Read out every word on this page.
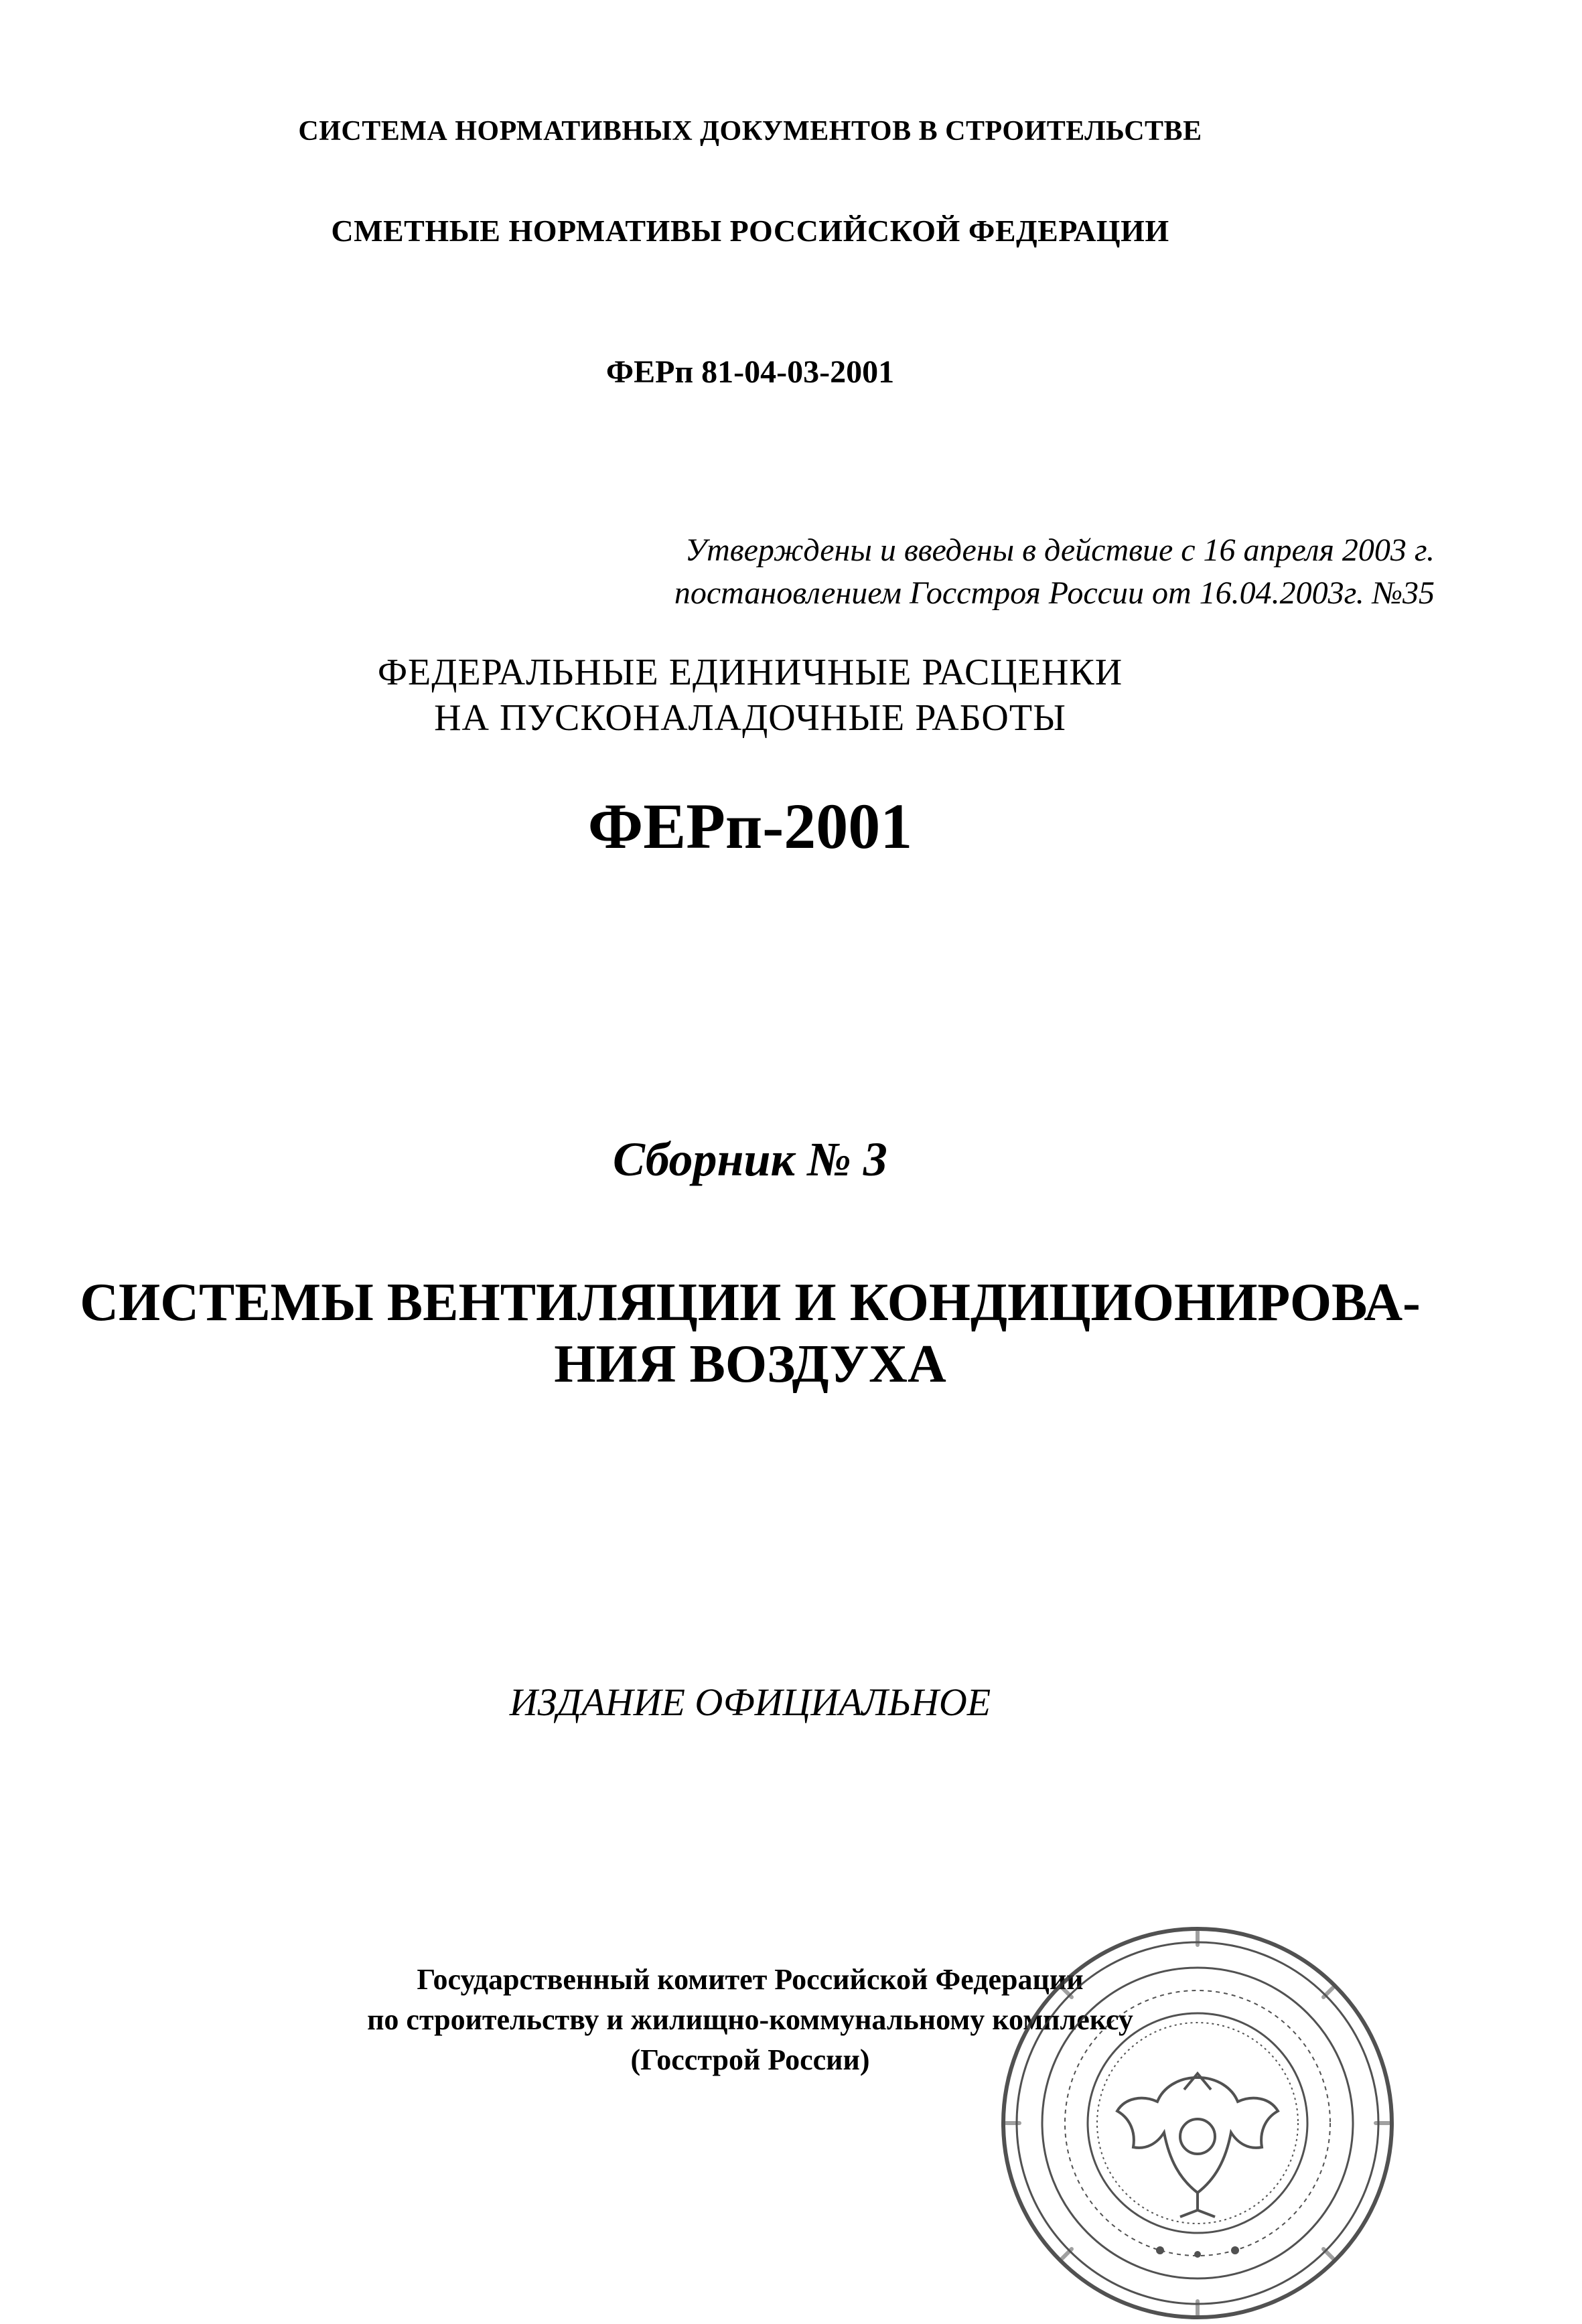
СИСТЕМА НОРМАТИВНЫХ ДОКУМЕНТОВ В СТРОИТЕЛЬСТВЕ
СМЕТНЫЕ НОРМАТИВЫ РОССИЙСКОЙ ФЕДЕРАЦИИ
ФЕРп 81-04-03-2001
Утверждены и введены в действие с 16 апреля 2003 г.
постановлением Госстроя России от 16.04.2003г. №35
ФЕДЕРАЛЬНЫЕ ЕДИНИЧНЫЕ РАСЦЕНКИ
НА ПУСКОНАЛАДОЧНЫЕ РАБОТЫ
ФЕРп-2001
Сборник № 3
СИСТЕМЫ ВЕНТИЛЯЦИИ И КОНДИЦИОНИРОВА-
НИЯ ВОЗДУХА
ИЗДАНИЕ ОФИЦИАЛЬНОЕ
Государственный комитет Российской Федерации
по строительству и жилищно-коммунальному комплексу
(Госстрой России)
